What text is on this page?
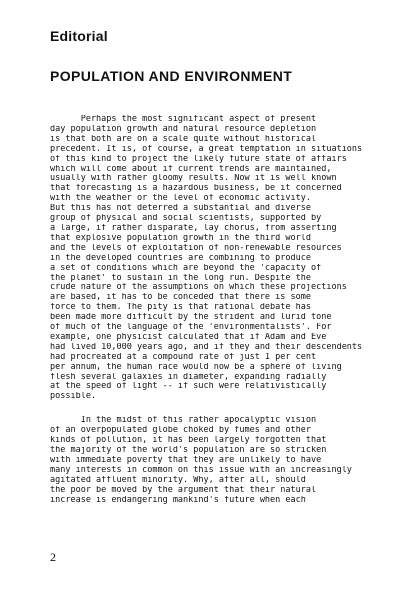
Editorial
POPULATION AND ENVIRONMENT

Perhaps the most significant aspect of present
day population growth and natural resource depletion
is that both are on a scale quite without historical
precedent. It is, of course, a great temptation in situations
of this kind to project the likely future state of affairs
which will come about if current trends are maintained,
usually with rather gloomy results. Now it is well known
that forecasting is a hazardous business, be it concerned
with the weather or the level of economic activity.
But this has not deterred a substantial and diverse
group of physical and social scientists, supported by
a large, if rather disparate, lay chorus, from asserting
that explosive population growth in the third world
and the levels of exploitation of non-renewable resources
in the developed countries are combining to produce
a set of conditions which are beyond the 'capacity of
the planet' to sustain in the long run. Despite the
crude nature of the assumptions on which these projections
are based, it has to be conceded that there is some
force to them. The pity is that rational debate has
been made more difficult by the strident and lurid tone
of much of the language of the 'environmentalists'. For
example, one physicist calculated that if Adam and Eve
had lived 10,000 years ago, and if they and their descendents
had procreated at a compound rate of just 1 per cent
per annum, the human race would now be a sphere of living
flesh several galaxies in diameter, expanding radially
at the speed of light -- if such were relativistically
possible.

In the midst of this rather apocalyptic vision
of an overpopulated globe choked by fumes and other
kinds of pollution, it has been largely forgotten that
the majority of the world's population are so stricken
with immediate poverty that they are unlikely to have
many interests in common on this issue with an increasingly
agitated affluent minority. Why, after all, should
the poor be moved by the argument that their natural
increase is endangering mankind's future when each

2
